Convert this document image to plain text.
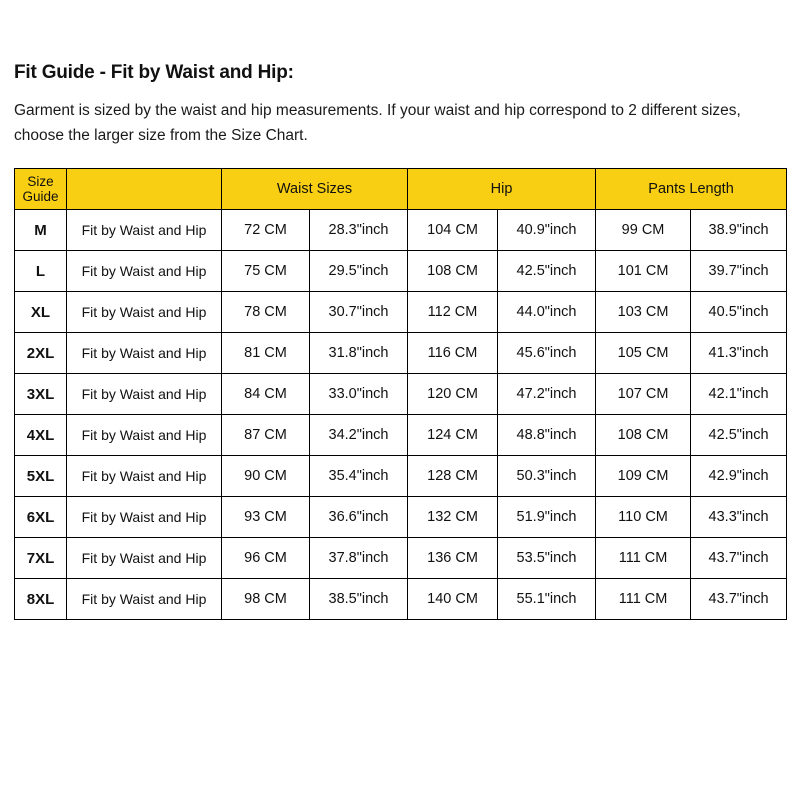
Fit Guide - Fit by Waist and Hip:

Garment is sized by the waist and hip measurements. If your waist and hip correspond to 2 different sizes, choose the larger size from the Size Chart.

Size Guide		Waist Sizes		Hip		Pants Length	
M	Fit by Waist and Hip	72 CM	28.3"inch	104 CM	40.9"inch	99 CM	38.9"inch
L	Fit by Waist and Hip	75 CM	29.5"inch	108 CM	42.5"inch	101 CM	39.7"inch
XL	Fit by Waist and Hip	78 CM	30.7"inch	112 CM	44.0"inch	103 CM	40.5"inch
2XL	Fit by Waist and Hip	81 CM	31.8"inch	116 CM	45.6"inch	105 CM	41.3"inch
3XL	Fit by Waist and Hip	84 CM	33.0"inch	120 CM	47.2"inch	107 CM	42.1"inch
4XL	Fit by Waist and Hip	87 CM	34.2"inch	124 CM	48.8"inch	108 CM	42.5"inch
5XL	Fit by Waist and Hip	90 CM	35.4"inch	128 CM	50.3"inch	109 CM	42.9"inch
6XL	Fit by Waist and Hip	93 CM	36.6"inch	132 CM	51.9"inch	110 CM	43.3"inch
7XL	Fit by Waist and Hip	96 CM	37.8"inch	136 CM	53.5"inch	111 CM	43.7"inch
8XL	Fit by Waist and Hip	98 CM	38.5"inch	140 CM	55.1"inch	111 CM	43.7"inch
